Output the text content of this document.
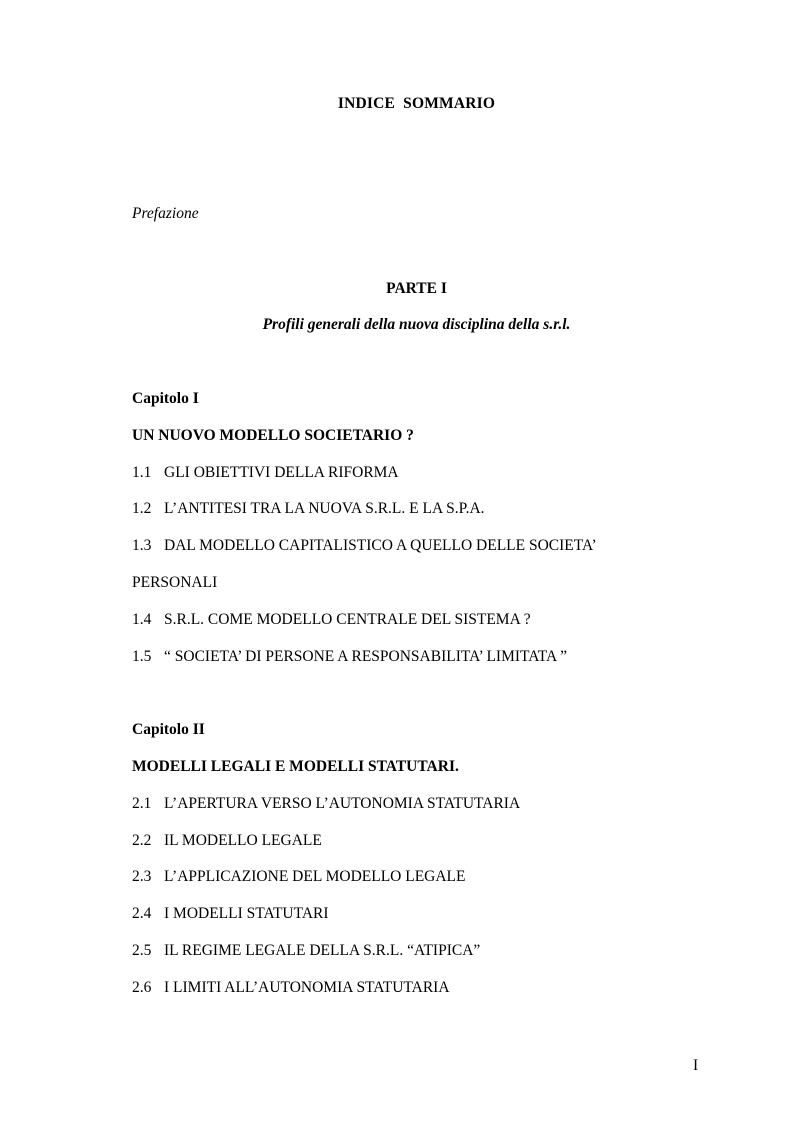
INDICE SOMMARIO
Prefazione
PARTE I
Profili generali della nuova disciplina della s.r.l.
Capitolo I
UN NUOVO MODELLO SOCIETARIO ?
1.1 GLI OBIETTIVI DELLA RIFORMA
1.2 L’ANTITESI TRA LA NUOVA S.R.L. E LA S.P.A.
1.3 DAL MODELLO CAPITALISTICO A QUELLO DELLE SOCIETA’
PERSONALI
1.4 S.R.L. COME MODELLO CENTRALE DEL SISTEMA ?
1.5 “ SOCIETA’ DI PERSONE A RESPONSABILITA’ LIMITATA ”
Capitolo II
MODELLI LEGALI E MODELLI STATUTARI.
2.1 L’APERTURA VERSO L’AUTONOMIA STATUTARIA
2.2 IL MODELLO LEGALE
2.3 L’APPLICAZIONE DEL MODELLO LEGALE
2.4 I MODELLI STATUTARI
2.5 IL REGIME LEGALE DELLA S.R.L. “ATIPICA”
2.6 I LIMITI ALL’AUTONOMIA STATUTARIA
I
